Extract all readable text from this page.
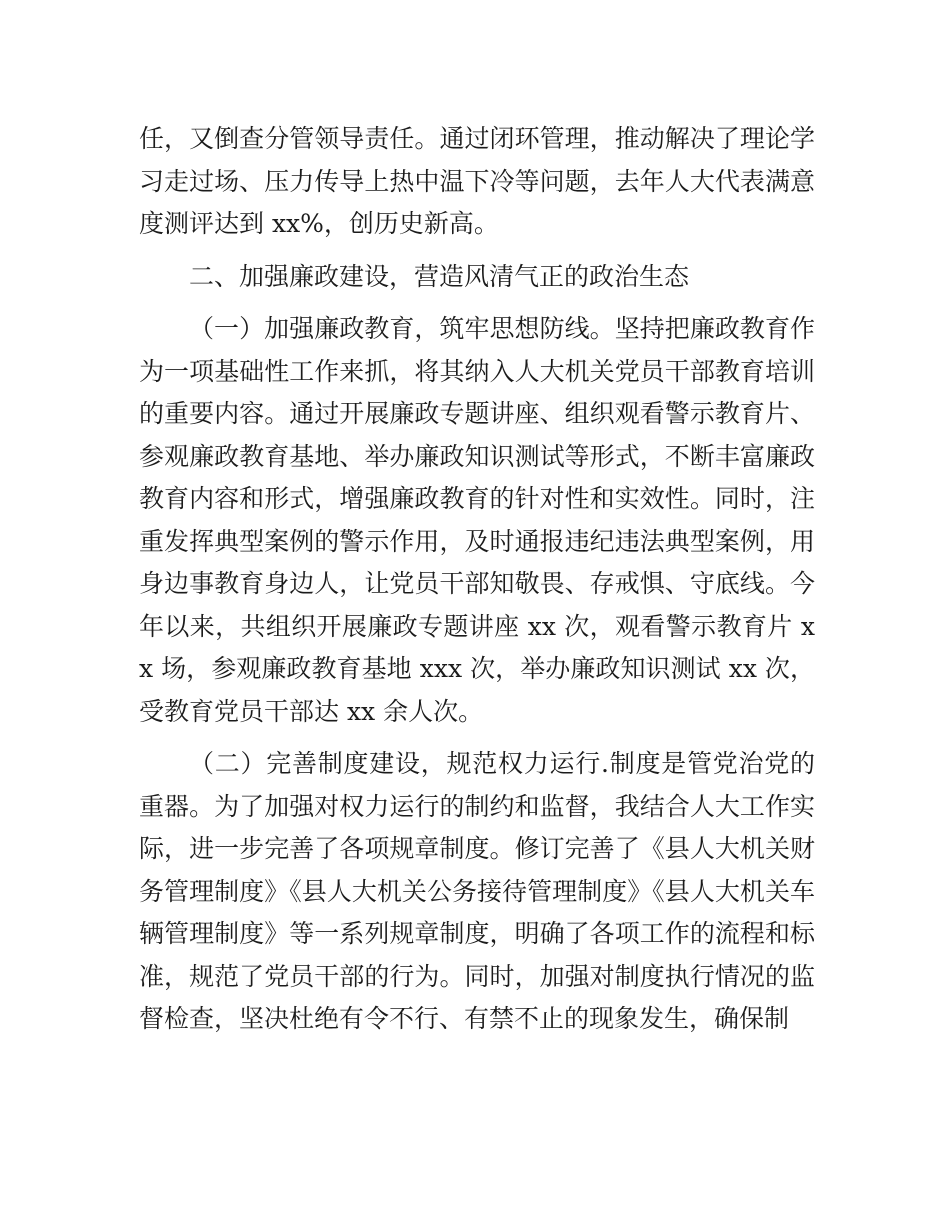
任，又倒查分管领导责任。通过闭环管理，推动解决了理论学习走过场、压力传导上热中温下冷等问题，去年人大代表满意度测评达到 xx%，创历史新高。

二、加强廉政建设，营造风清气正的政治生态

（一）加强廉政教育，筑牢思想防线。坚持把廉政教育作为一项基础性工作来抓，将其纳入人大机关党员干部教育培训的重要内容。通过开展廉政专题讲座、组织观看警示教育片、参观廉政教育基地、举办廉政知识测试等形式，不断丰富廉政教育内容和形式，增强廉政教育的针对性和实效性。同时，注重发挥典型案例的警示作用，及时通报违纪违法典型案例，用身边事教育身边人，让党员干部知敬畏、存戒惧、守底线。今年以来，共组织开展廉政专题讲座 xx 次，观看警示教育片 xx 场，参观廉政教育基地 xxx 次，举办廉政知识测试 xx 次，受教育党员干部达 xx 余人次。

（二）完善制度建设，规范权力运行.制度是管党治党的重器。为了加强对权力运行的制约和监督，我结合人大工作实际，进一步完善了各项规章制度。修订完善了《县人大机关财务管理制度》《县人大机关公务接待管理制度》《县人大机关车辆管理制度》等一系列规章制度，明确了各项工作的流程和标准，规范了党员干部的行为。同时，加强对制度执行情况的监督检查，坚决杜绝有令不行、有禁不止的现象发生，确保制
